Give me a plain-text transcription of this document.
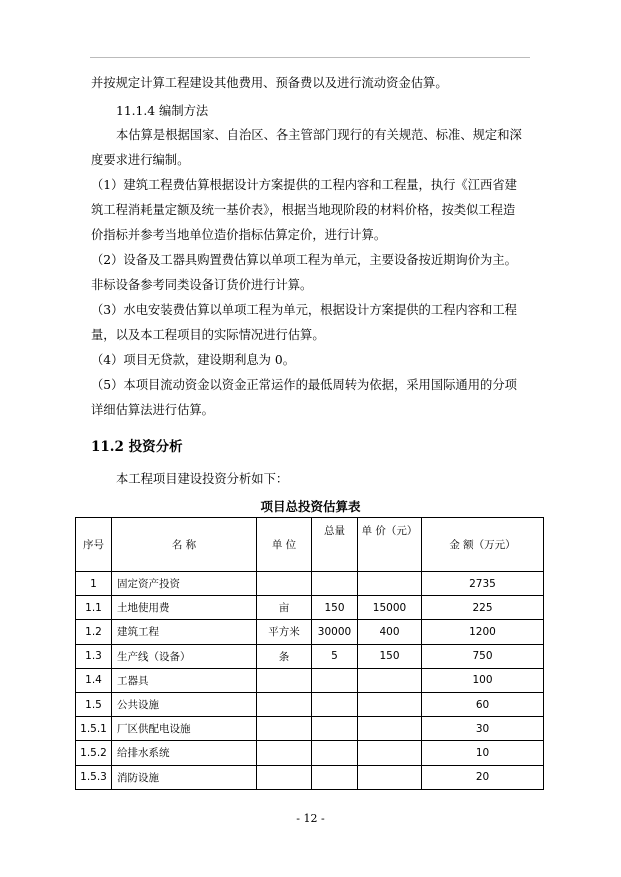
并按规定计算工程建设其他费用、预备费以及进行流动资金估算。
11.1.4 编制方法
本估算是根据国家、自治区、各主管部门现行的有关规范、标准、规定和深
度要求进行编制。
（1）建筑工程费估算根据设计方案提供的工程内容和工程量，执行《江西省建
筑工程消耗量定额及统一基价表》，根据当地现阶段的材料价格，按类似工程造
价指标并参考当地单位造价指标估算定价，进行计算。
（2）设备及工器具购置费估算以单项工程为单元，主要设备按近期询价为主。
非标设备参考同类设备订货价进行计算。
（3）水电安装费估算以单项工程为单元，根据设计方案提供的工程内容和工程
量，以及本工程项目的实际情况进行估算。
（4）项目无贷款，建设期利息为 0。
（5）本项目流动资金以资金正常运作的最低周转为依据，采用国际通用的分项
详细估算法进行估算。
11.2 投资分析
本工程项目建设投资分析如下：
项目总投资估算表
序号	名 称	单 位	总量	单 价（元）	金 额（万元）
1	固定资产投资				2735
1.1	土地使用费	亩	150	15000	225
1.2	建筑工程	平方米	30000	400	1200
1.3	生产线（设备）	条	5	150	750
1.4	工器具				100
1.5	公共设施				60
1.5.1	厂区供配电设施				30
1.5.2	给排水系统				10
1.5.3	消防设施				20
- 12 -
